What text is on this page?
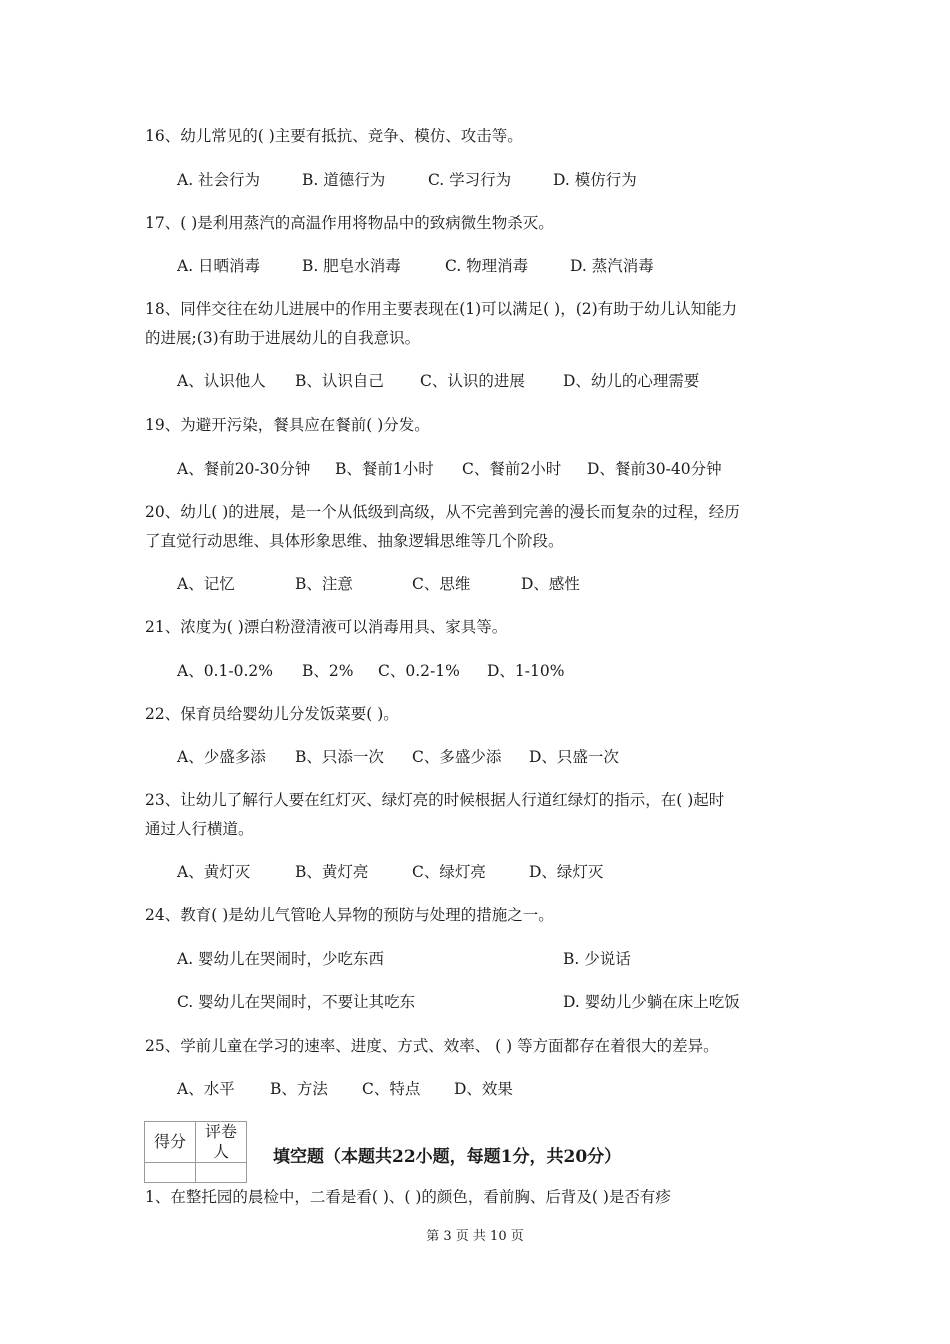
16、幼儿常见的( )主要有抵抗、竞争、模仿、攻击等。
A. 社会行为	B. 道德行为	C. 学习行为	D. 模仿行为
17、( )是利用蒸汽的高温作用将物品中的致病微生物杀灭。
A. 日晒消毒	B. 肥皂水消毒	C. 物理消毒	D. 蒸汽消毒
18、同伴交往在幼儿进展中的作用主要表现在(1)可以满足( )，(2)有助于幼儿认知能力
的进展;(3)有助于进展幼儿的自我意识。
A、认识他人 B、认识自己 C、认识的进展 D、幼儿的心理需要
19、为避开污染，餐具应在餐前( )分发。
A、餐前20-30分钟 B、餐前1小时 C、餐前2小时 D、餐前30-40分钟
20、幼儿( )的进展，是一个从低级到高级，从不完善到完善的漫长而复杂的过程，经历
了直觉行动思维、具体形象思维、抽象逻辑思维等几个阶段。
A、记忆	B、注意	C、思维	D、感性
21、浓度为( )漂白粉澄清液可以消毒用具、家具等。
A、0.1-0.2% B、2% C、0.2-1% D、1-10%
22、保育员给婴幼儿分发饭菜要( )。
A、少盛多添 B、只添一次 C、多盛少添 D、只盛一次
23、让幼儿了解行人要在红灯灭、绿灯亮的时候根据人行道红绿灯的指示，在( )起时
通过人行横道。
A、黄灯灭	B、黄灯亮	C、绿灯亮	D、绿灯灭
24、教育( )是幼儿气管呛人异物的预防与处理的措施之一。
A. 婴幼儿在哭闹时，少吃东西	B. 少说话
C. 婴幼儿在哭闹时，不要让其吃东	D. 婴幼儿少躺在床上吃饭
25、学前儿童在学习的速率、进度、方式、效率、 ( ) 等方面都存在着很大的差异。
A、水平 B、方法 C、特点 D、效果
得分	评卷人
		填空题（本题共22小题，每题1分，共20分）
1、在整托园的晨检中，二看是看( )、( )的颜色，看前胸、后背及( )是否有疹
第 3 页 共 10 页
